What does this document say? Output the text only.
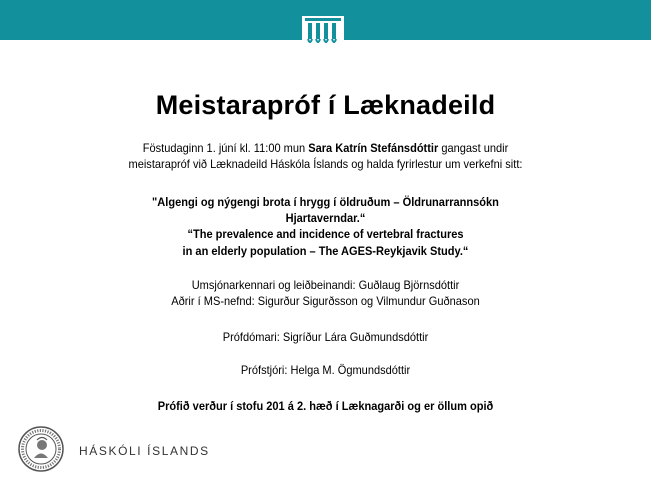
Meistarapróf í Læknadeild
Föstudaginn 1. júní kl. 11:00 mun Sara Katrín Stefánsdóttir gangast undir
meistarapróf við Læknadeild Háskóla Íslands og halda fyrirlestur um verkefni sitt:
"Algengi og nýgengi brota í hrygg í öldruðum – Öldrunarrannsókn
Hjartaverndar.“
“The prevalence and incidence of vertebral fractures
in an elderly population – The AGES-Reykjavik Study.“
Umsjónarkennari og leiðbeinandi: Guðlaug Björnsdóttir
Aðrir í MS-nefnd: Sigurður Sigurðsson og Vilmundur Guðnason
Prófdómari: Sigríður Lára Guðmundsdóttir
Prófstjóri: Helga M. Ögmundsdóttir
Prófið verður í stofu 201 á 2. hæð í Læknagarði og er öllum opið
HÁSKÓLI ÍSLANDS
